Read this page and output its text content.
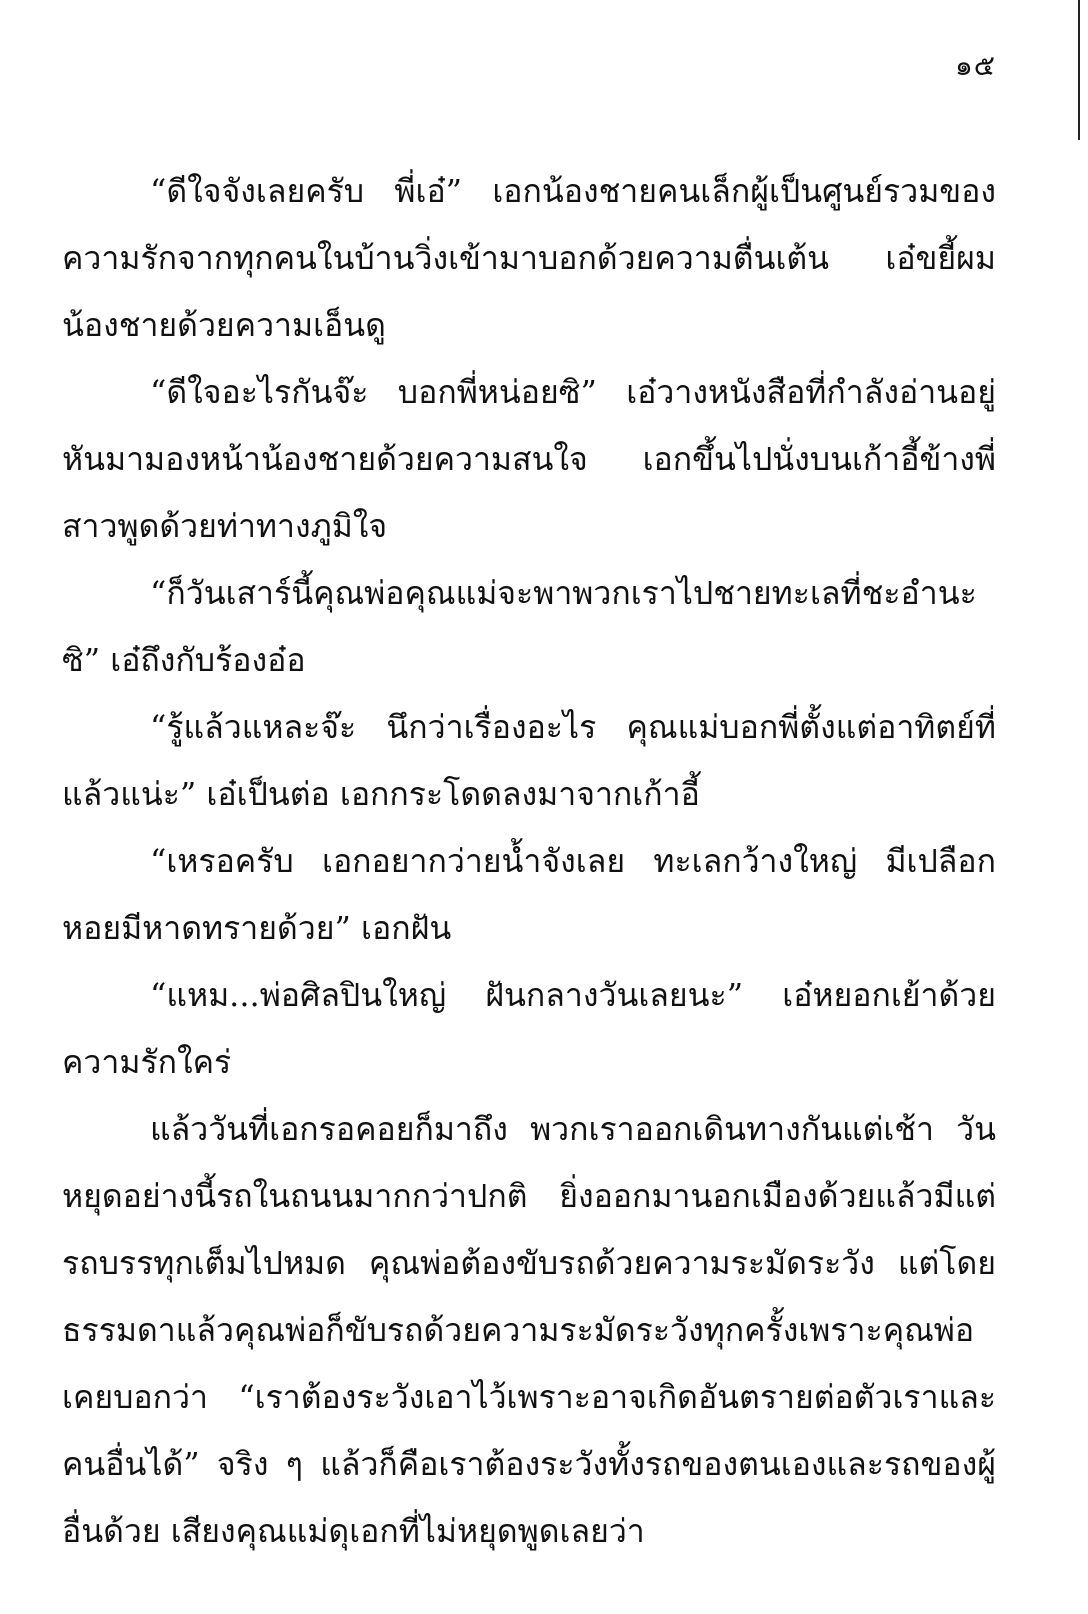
๑๕

“ดีใจจังเลยครับ พี่เอ๋” เอกน้องชายคนเล็กผู้เป็นศูนย์รวมของความรักจากทุกคนในบ้านวิ่งเข้ามาบอกด้วยความตื่นเต้น เอ๋ขยี้ผมน้องชายด้วยความเอ็นดู

“ดีใจอะไรกันจ๊ะ บอกพี่หน่อยซิ” เอ๋วางหนังสือที่กำลังอ่านอยู่หันมามองหน้าน้องชายด้วยความสนใจ เอกขึ้นไปนั่งบนเก้าอี้ข้างพี่สาวพูดด้วยท่าทางภูมิใจ

“ก็วันเสาร์นี้คุณพ่อคุณแม่จะพาพวกเราไปชายทะเลที่ชะอำนะซิ” เอ๋ถึงกับร้องอ๋อ

“รู้แล้วแหละจ๊ะ นึกว่าเรื่องอะไร คุณแม่บอกพี่ตั้งแต่อาทิตย์ที่แล้วแน่ะ” เอ๋เป็นต่อ เอกกระโดดลงมาจากเก้าอี้

“เหรอครับ เอกอยากว่ายน้ำจังเลย ทะเลกว้างใหญ่ มีเปลือกหอยมีหาดทรายด้วย” เอกฝัน

“แหม...พ่อศิลปินใหญ่ ฝันกลางวันเลยนะ” เอ๋หยอกเย้าด้วยความรักใคร่

แล้ววันที่เอกรอคอยก็มาถึง พวกเราออกเดินทางกันแต่เช้า วันหยุดอย่างนี้รถในถนนมากกว่าปกติ ยิ่งออกมานอกเมืองด้วยแล้วมีแต่รถบรรทุกเต็มไปหมด คุณพ่อต้องขับรถด้วยความระมัดระวัง แต่โดยธรรมดาแล้วคุณพ่อก็ขับรถด้วยความระมัดระวังทุกครั้งเพราะคุณพ่อเคยบอกว่า “เราต้องระวังเอาไว้เพราะอาจเกิดอันตรายต่อตัวเราและคนอื่นได้” จริง ๆ แล้วก็คือเราต้องระวังทั้งรถของตนเองและรถของผู้อื่นด้วย เสียงคุณแม่ดุเอกที่ไม่หยุดพูดเลยว่า
